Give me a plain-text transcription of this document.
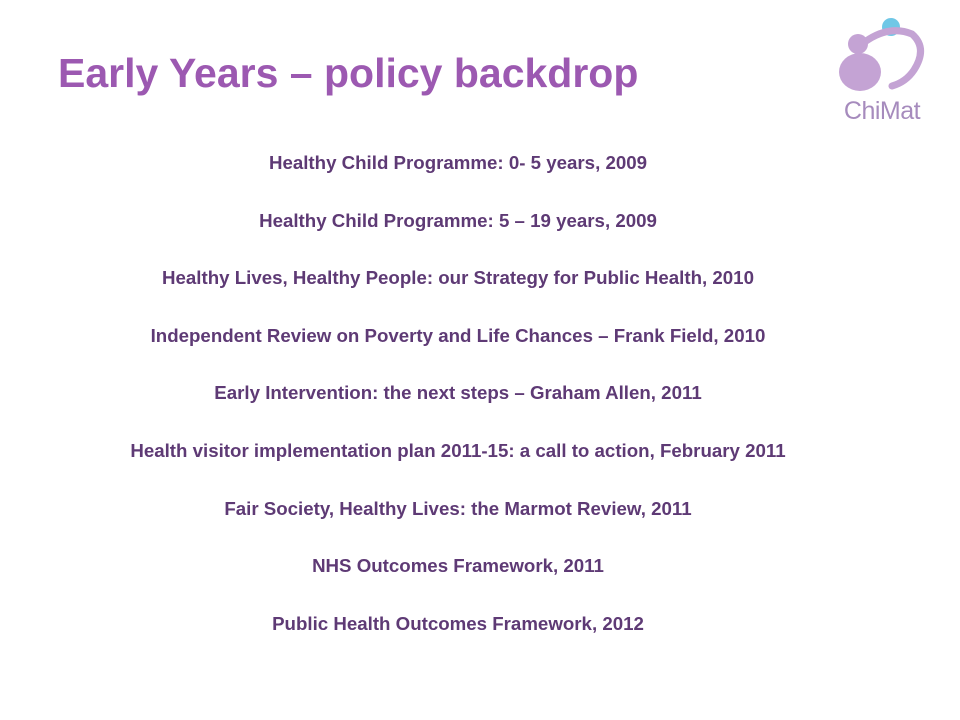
Early Years – policy backdrop
ChiMat
Healthy Child Programme: 0- 5 years, 2009
Healthy Child Programme: 5 – 19 years, 2009
Healthy Lives, Healthy People: our Strategy for Public Health, 2010
Independent Review on Poverty and Life Chances – Frank Field, 2010
Early Intervention: the next steps – Graham Allen, 2011
Health visitor implementation plan 2011-15: a call to action, February 2011
Fair Society, Healthy Lives: the Marmot Review, 2011
NHS Outcomes Framework, 2011
Public Health Outcomes Framework, 2012
